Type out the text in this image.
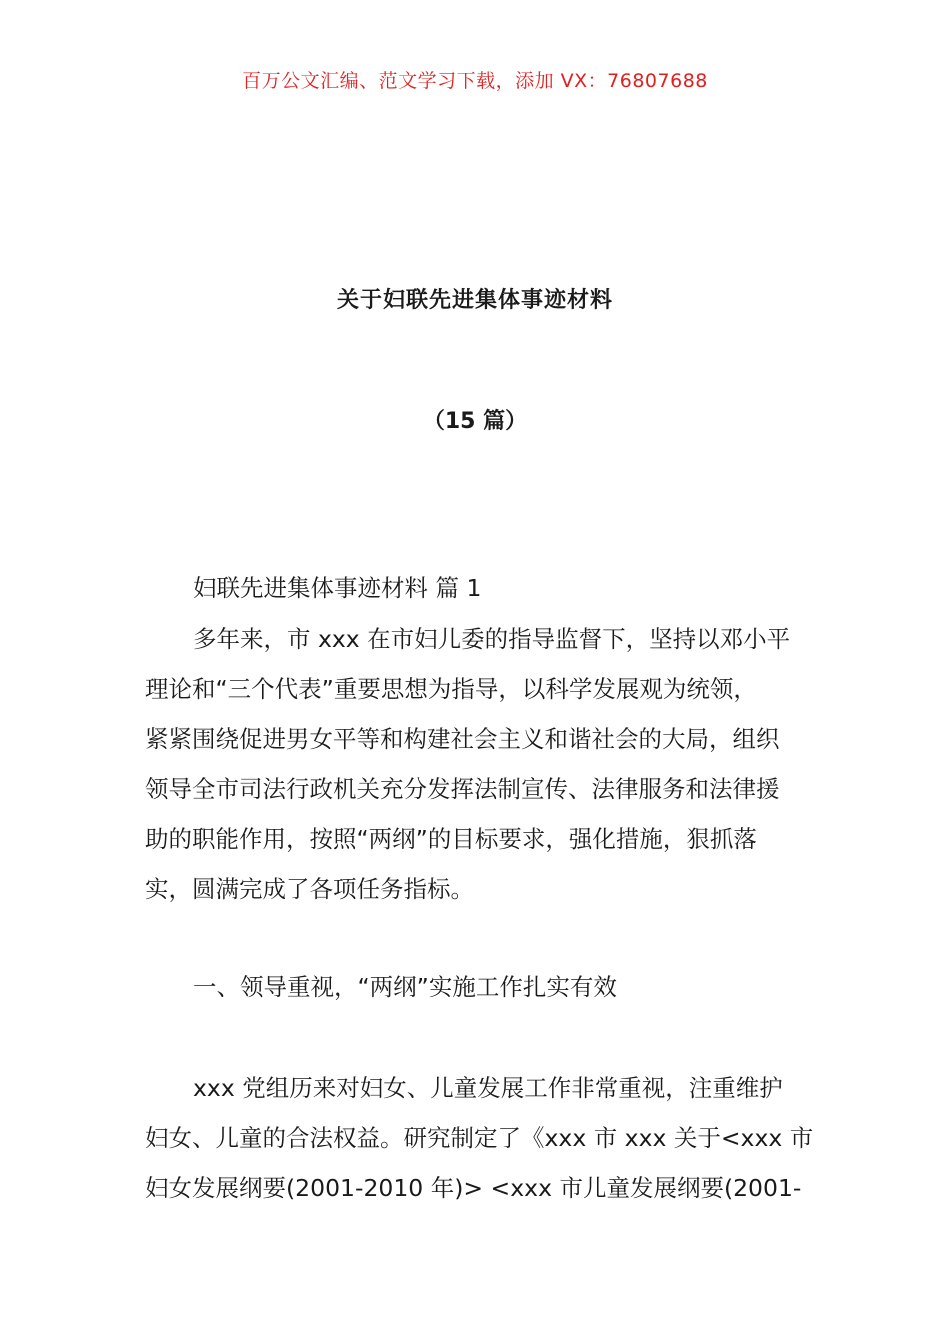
百万公文汇编、范文学习下载，添加 VX：76807688
关于妇联先进集体事迹材料
（15 篇）
妇联先进集体事迹材料 篇 1
多年来，市 xxx 在市妇儿委的指导监督下，坚持以邓小平
理论和“三个代表”重要思想为指导，以科学发展观为统领，
紧紧围绕促进男女平等和构建社会主义和谐社会的大局，组织
领导全市司法行政机关充分发挥法制宣传、法律服务和法律援
助的职能作用，按照“两纲”的目标要求，强化措施，狠抓落
实，圆满完成了各项任务指标。
一、领导重视，“两纲”实施工作扎实有效
xxx 党组历来对妇女、儿童发展工作非常重视，注重维护
妇女、儿童的合法权益。研究制定了《xxx 市 xxx 关于<xxx 市
妇女发展纲要(2001-2010 年)> <xxx 市儿童发展纲要(2001-
